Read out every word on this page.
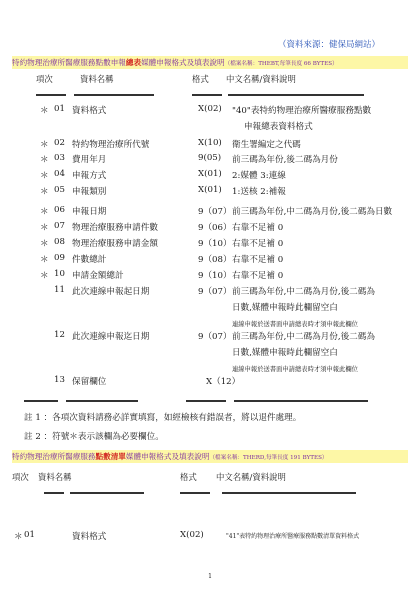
（資料來源：健保局網站）
特約物理治療所醫療服務點數申報總表媒體申報格式及填表說明（檔案名稱：THEBT,每筆長度 66 BYTES）
項次	資料名稱	格式 中文名稱/資料說明
＊ 01 資料格式	X(02) "40"表特約物理治療所醫療服務點數
申報總表資料格式
＊ 02 特約物理治療所代號	X(10) 衛生署編定之代碼
＊ 03 費用年月	9(05) 前三碼為年份,後二碼為月份
＊ 04 申報方式	X(01) 2:媒體 3:連線
＊ 05 申報類別	X(01) 1:送核 2:補報
＊ 06 申報日期	9（07） 前三碼為年份,中二碼為月份,後二碼為日數
＊ 07 物理治療服務申請件數	9（06） 右靠不足補 0
＊ 08 物理治療服務申請金額	9（10） 右靠不足補 0
＊ 09 件數總計	9（08） 右靠不足補 0
＊ 10 申請金額總計	9（10） 右靠不足補 0
11 此次連線申報起日期	9（07） 前三碼為年份,中二碼為月份,後二碼為
日數,媒體申報時此欄留空白
連線申報於送書面申請總表時才須申報此欄位
12 此次連線申報迄日期	9（07） 前三碼為年份,中二碼為月份,後二碼為
日數,媒體申報時此欄留空白
連線申報於送書面申請總表時才須申報此欄位
13 保留欄位	X（12）
註 1 ：各項次資料請務必詳實填寫，如經檢核有錯誤者，將以退件處理。
註 2 ：符號＊表示該欄為必要欄位。
特約物理治療所醫療服務點數清單媒體申報格式及填表說明（檔案名稱：THERD,每筆長度 191 BYTES）
項次 資料名稱	格式 中文名稱/資料說明
＊ 01	資料格式	X(02)	"41"表特約物理治療所醫療服務點數清單資料格式
1
